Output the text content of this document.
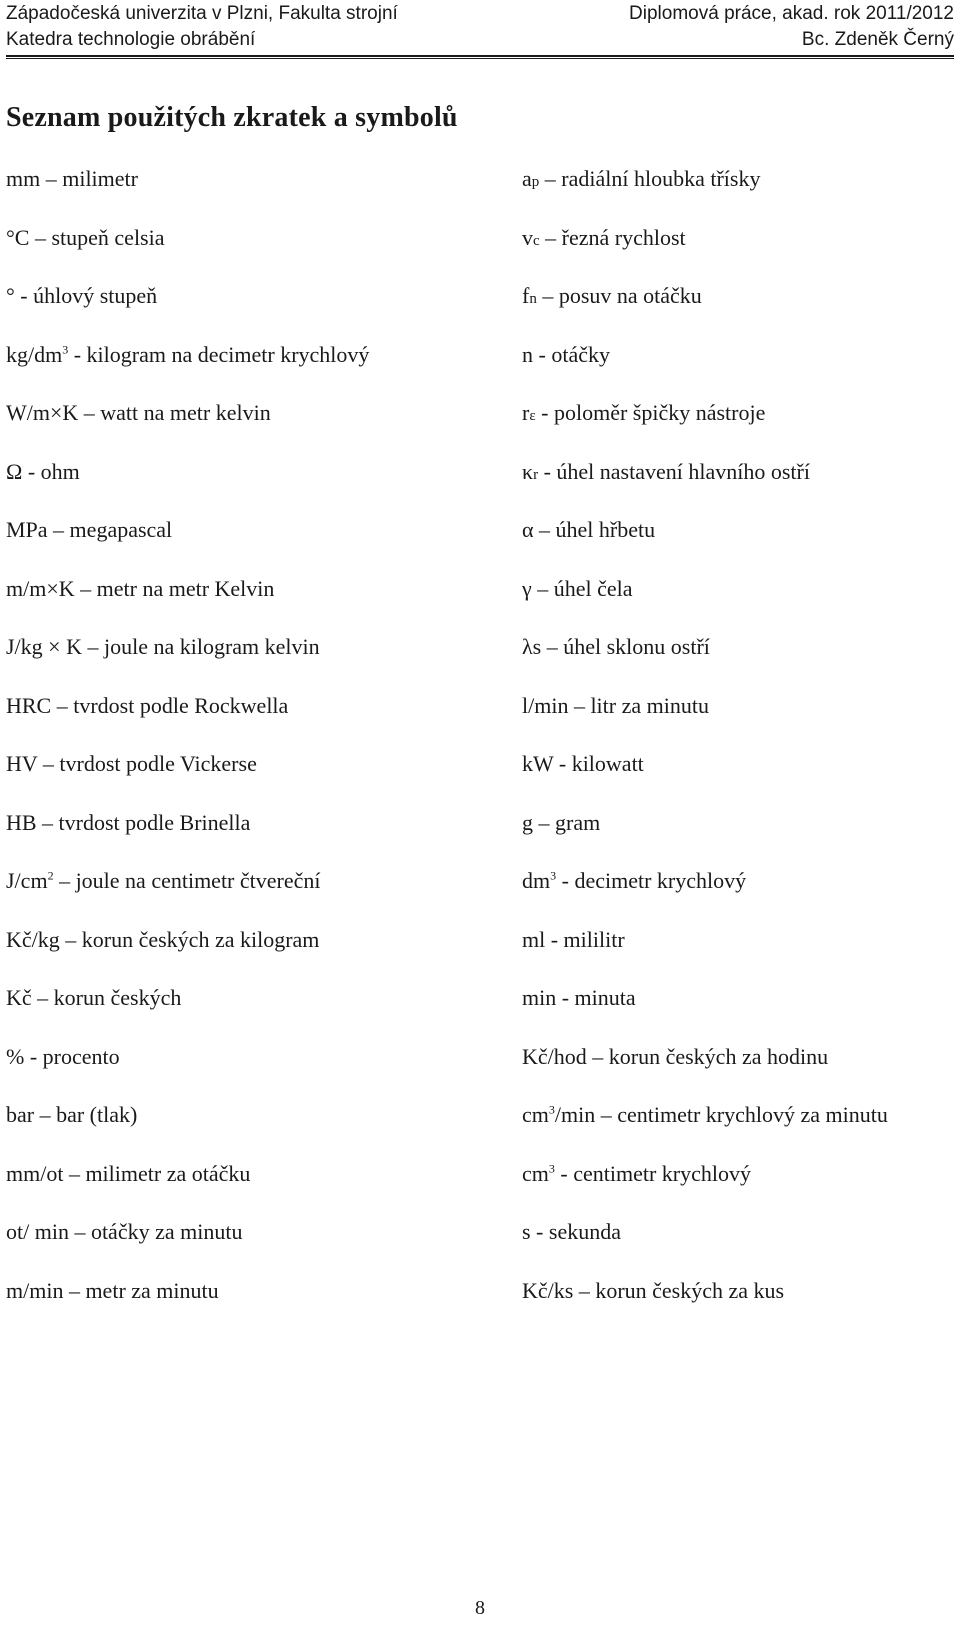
Západočeská univerzita v Plzni, Fakulta strojní	Diplomová práce, akad. rok 2011/2012
Katedra technologie obrábění	Bc. Zdeněk Černý
Seznam použitých zkratek a symbolů
mm – milimetr
°C – stupeň celsia
° - úhlový stupeň
$kg/dm^3$ - kilogram na decimetr krychlový
W/m×K – watt na metr kelvin
Ω - ohm
MPa – megapascal
m/m×K – metr na metr Kelvin
J/kg × K – joule na kilogram kelvin
HRC – tvrdost podle Rockwella
HV – tvrdost podle Vickerse
HB – tvrdost podle Brinella
$J/cm^2$ – joule na centimetr čtvereční
Kč/kg – korun českých za kilogram
Kč – korun českých
% - procento
bar – bar (tlak)
mm/ot – milimetr za otáčku
ot/ min – otáčky za minutu
m/min – metr za minutu
ap – radiální hloubka třísky
vc – řezná rychlost
fn – posuv na otáčku
n - otáčky
rε - poloměr špičky nástroje
κr - úhel nastavení hlavního ostří
α – úhel hřbetu
γ – úhel čela
λs – úhel sklonu ostří
l/min – litr za minutu
kW - kilowatt
g – gram
$dm^3$ - decimetr krychlový
ml - mililitr
min - minuta
Kč/hod – korun českých za hodinu
$cm^3/\min$ – centimetr krychlový za minutu
$cm^3$ - centimetr krychlový
s - sekunda
Kč/ks – korun českých za kus
8
